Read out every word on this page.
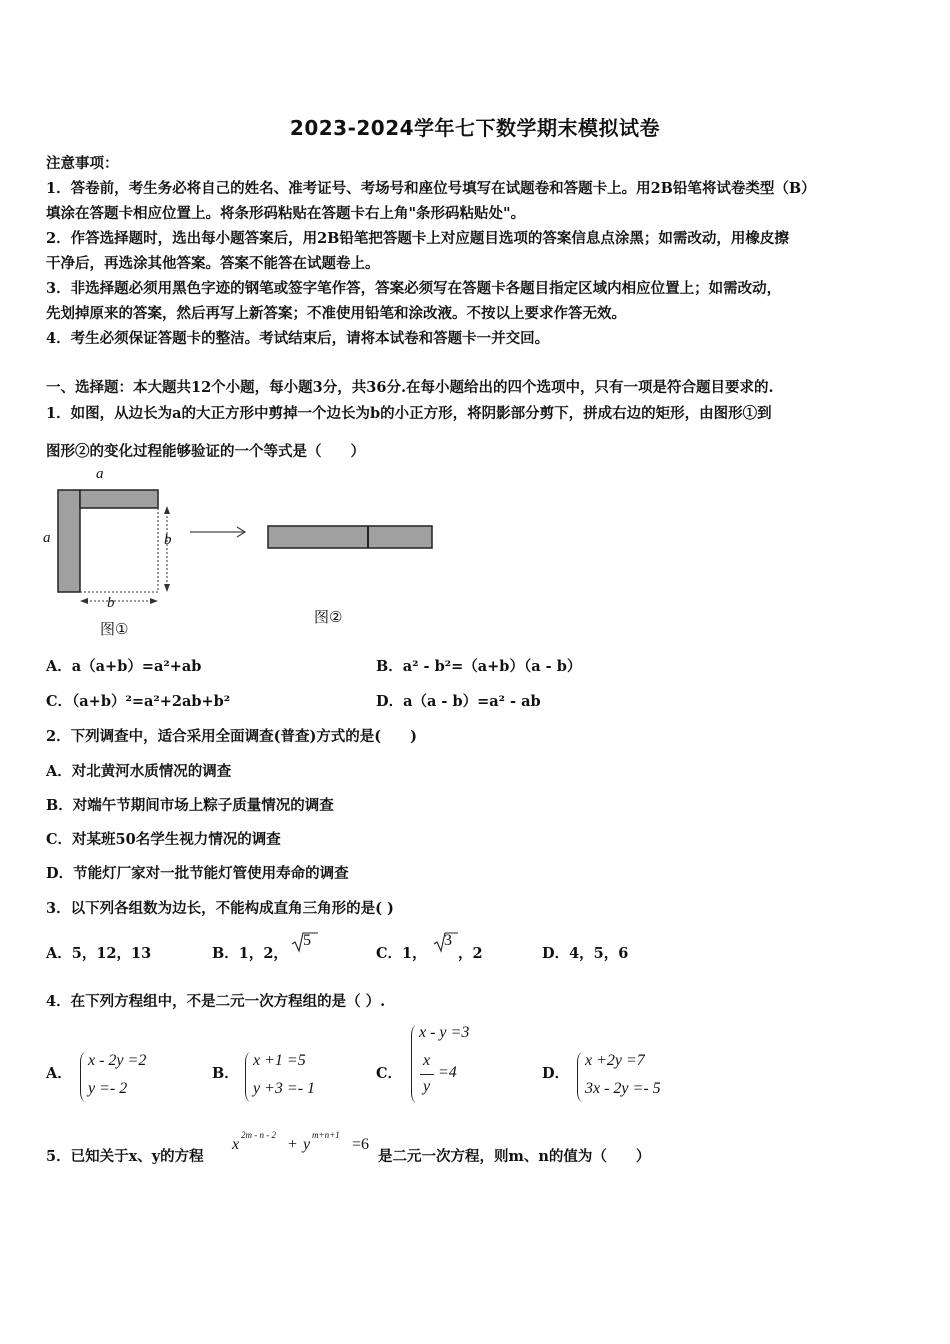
2023-2024学年七下数学期末模拟试卷
注意事项：
1．答卷前，考生务必将自己的姓名、准考证号、考场号和座位号填写在试题卷和答题卡上。用2B铅笔将试卷类型（B）
填涂在答题卡相应位置上。将条形码粘贴在答题卡右上角"条形码粘贴处"。
2．作答选择题时，选出每小题答案后，用2B铅笔把答题卡上对应题目选项的答案信息点涂黑；如需改动，用橡皮擦
干净后，再选涂其他答案。答案不能答在试题卷上。
3．非选择题必须用黑色字迹的钢笔或签字笔作答，答案必须写在答题卡各题目指定区域内相应位置上；如需改动，
先划掉原来的答案，然后再写上新答案；不准使用铅笔和涂改液。不按以上要求作答无效。
4．考生必须保证答题卡的整洁。考试结束后，请将本试卷和答题卡一并交回。
一、选择题：本大题共12个小题，每小题3分，共36分.在每小题给出的四个选项中，只有一项是符合题目要求的.
1．如图，从边长为a的大正方形中剪掉一个边长为b的小正方形，将阴影部分剪下，拼成右边的矩形，由图形①到
图形②的变化过程能够验证的一个等式是（　　）
a
a	b
b
图①
图②
A．a（a+b）=a²+ab	B．a² - b²=（a+b）（a - b）
C．（a+b）²=a²+2ab+b²	D．a（a - b）=a² - ab
2．下列调查中，适合采用全面调查(普查)方式的是(　　)
A．对北黄河水质情况的调查
B．对端午节期间市场上粽子质量情况的调查
C．对某班50名学生视力情况的调查
D．节能灯厂家对一批节能灯管使用寿命的调查
3．以下列各组数为边长，不能构成直角三角形的是( )
A．5，12，13	B．1，2，
5
C．1，
3
，2	D．4，5，6
4．在下列方程组中，不是二元一次方程组的是（ ）.
A．
x - 2y =2
y =- 2
B．
x +1 =5
y +3 =- 1
C．
x - y =3
x
y
=4	D．
x +2y =7
3x - 2y =- 5
5．已知关于x、y的方程
x
2m - n - 2
+ y
m+n+1
=6
是二元一次方程，则m、n的值为（　　）
